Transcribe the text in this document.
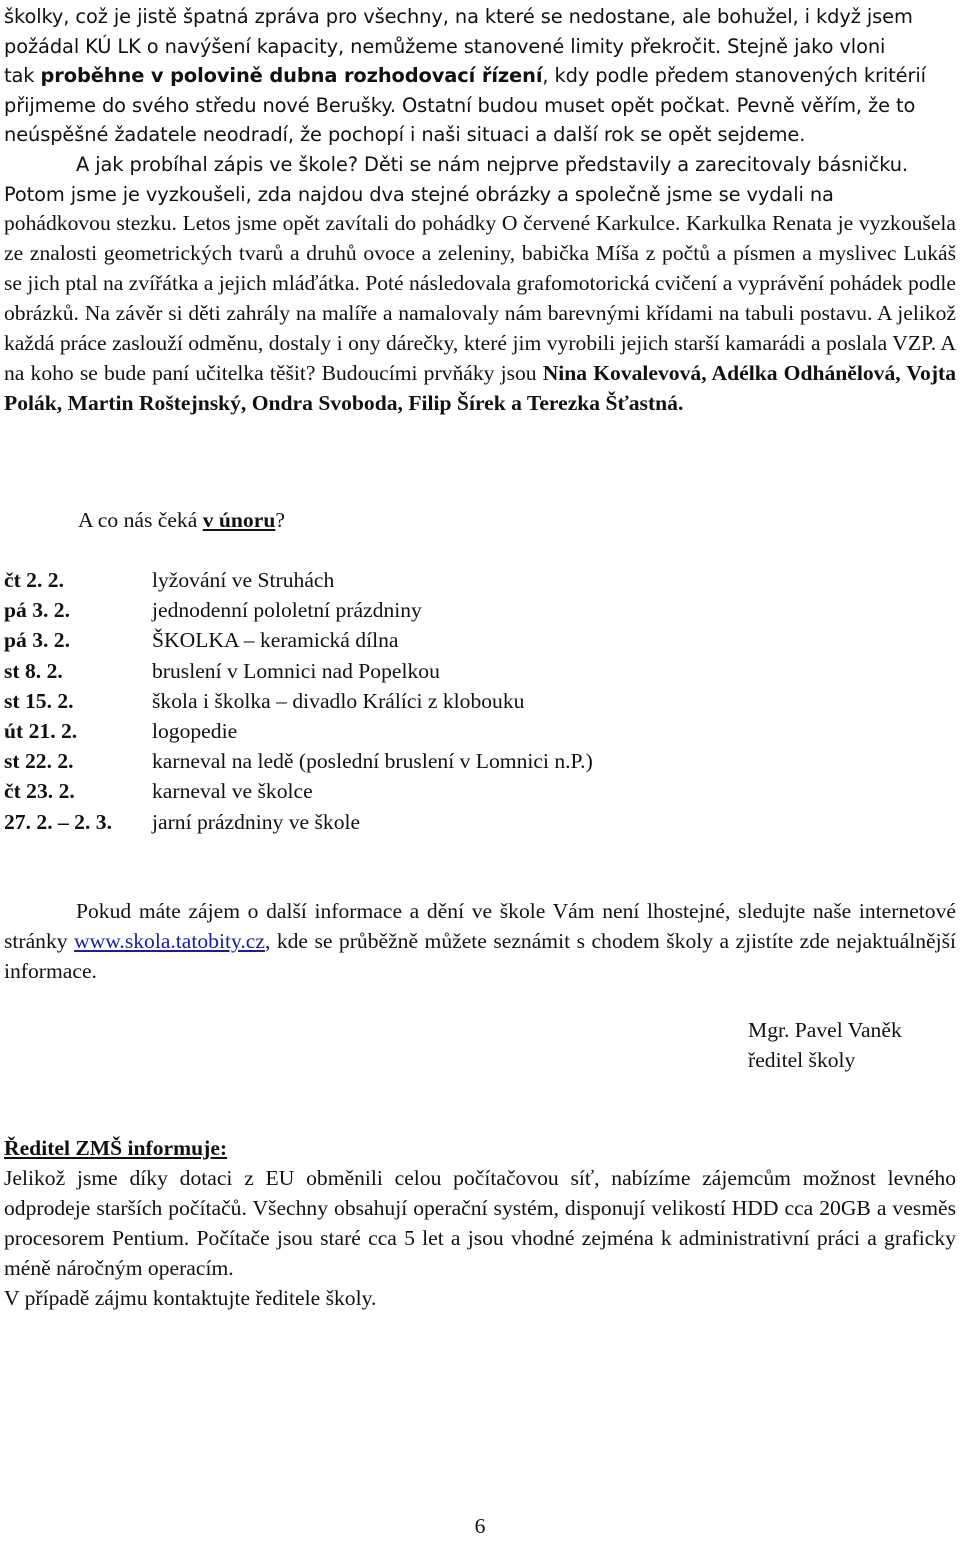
školky, což je jistě špatná zpráva pro všechny, na které se nedostane, ale bohužel, i když jsem

požádal KÚ LK o navýšení kapacity, nemůžeme stanovené limity překročit. Stejně jako vloni

tak proběhne v polovině dubna rozhodovací řízení, kdy podle předem stanovených kritérií

přijmeme do svého středu nové Berušky. Ostatní budou muset opět počkat. Pevně věřím, že to

neúspěšné žadatele neodradí, že pochopí i naši situaci a další rok se opět sejdeme.

A jak probíhal zápis ve škole? Děti se nám nejprve představily a zarecitovaly básničku.

Potom jsme je vyzkoušeli, zda najdou dva stejné obrázky a společně jsme se vydali na

pohádkovou stezku. Letos jsme opět zavítali do pohádky O červené Karkulce. Karkulka Renata je vyzkoušela ze znalosti geometrických tvarů a druhů ovoce a zeleniny, babička Míša z počtů a písmen a myslivec Lukáš se jich ptal na zvířátka a jejich mláďátka. Poté následovala grafomotorická cvičení a vyprávění pohádek podle obrázků. Na závěr si děti zahrály na malíře a namalovaly nám barevnými křídami na tabuli postavu. A jelikož každá práce zaslouží odměnu, dostaly i ony dárečky, které jim vyrobili jejich starší kamarádi a poslala VZP. A na koho se bude paní učitelka těšit? Budoucími prvňáky jsou Nina Kovalevová, Adélka Odhánělová, Vojta Polák, Martin Roštejnský, Ondra Svoboda, Filip Šírek a Terezka Šťastná.
A co nás čeká v únoru?
čt 2. 2.	lyžování ve Struhách
pá 3. 2.	jednodenní pololetní prázdniny
pá 3. 2.	ŠKOLKA – keramická dílna
st 8. 2.	bruslení v Lomnici nad Popelkou
st 15. 2.	škola i školka – divadlo Králíci z klobouku
út 21. 2.	logopedie
st 22. 2.	karneval na ledě (poslední bruslení v Lomnici n.P.)
čt 23. 2.	karneval ve školce
27. 2. – 2. 3.	jarní prázdniny ve škole

Pokud máte zájem o další informace a dění ve škole Vám není lhostejné, sledujte naše internetové stránky www.skola.tatobity.cz, kde se průběžně můžete seznámit s chodem školy a zjistíte zde nejaktuálnější informace.

Mgr. Pavel Vaněk

ředitel školy

Ředitel ZMŠ informuje:

Jelikož jsme díky dotaci z EU obměnili celou počítačovou síť, nabízíme zájemcům možnost levného odprodeje starších počítačů. Všechny obsahují operační systém, disponují velikostí HDD cca 20GB a vesměs procesorem Pentium. Počítače jsou staré cca 5 let a jsou vhodné zejména k administrativní práci a graficky méně náročným operacím.

V případě zájmu kontaktujte ředitele školy.

6
